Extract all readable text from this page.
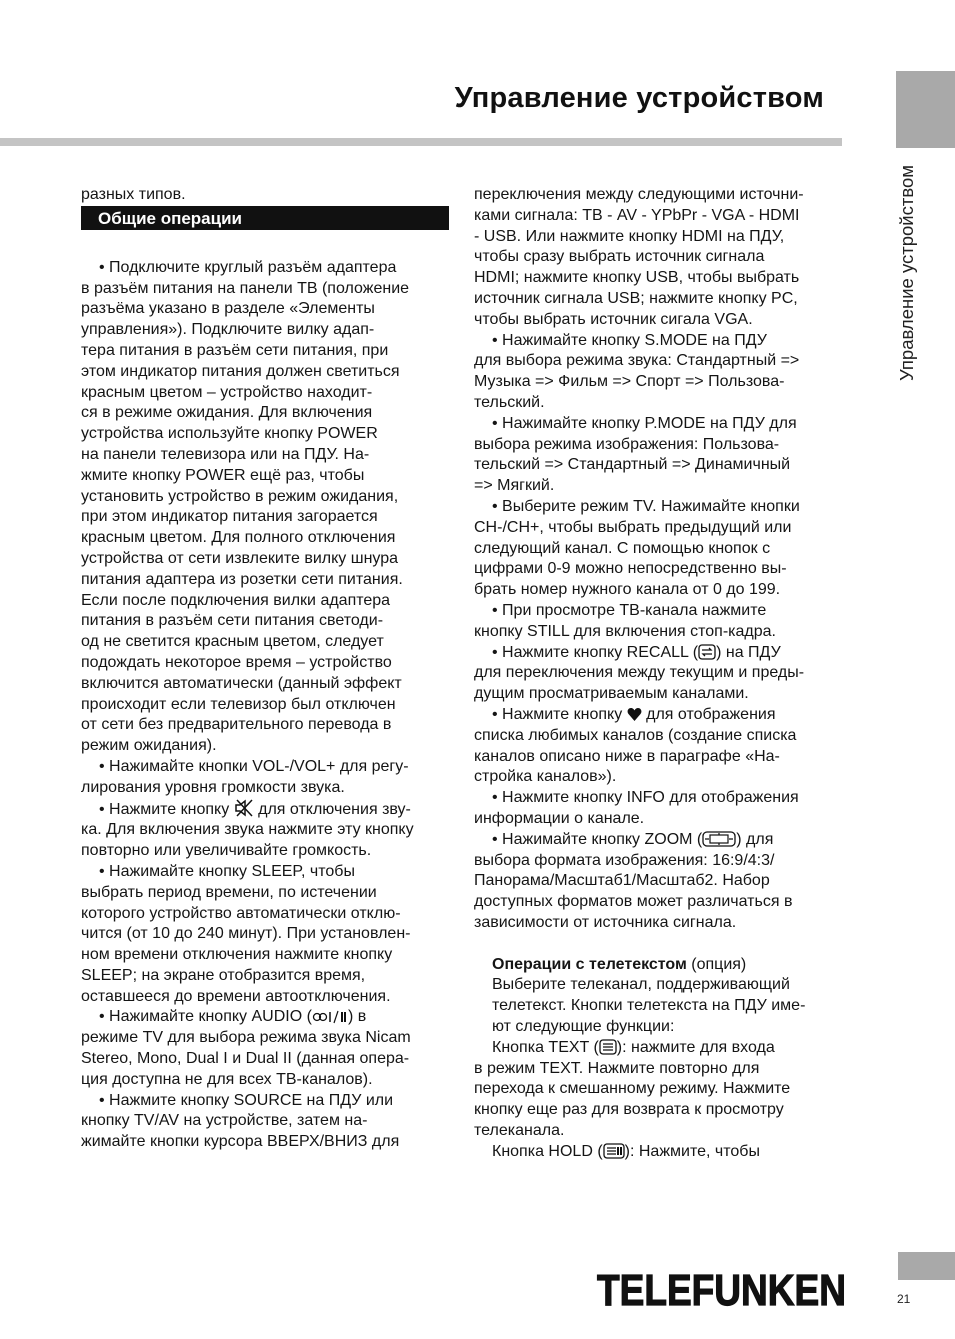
Управление устройством
Управление устройством

разных типов.

Общие операции

• Подключите круглый разъём адаптера

в разъём питания на панели ТВ (положение

разъёма указано в разделе «Элементы

управления»). Подключите вилку адап-

тера питания в разъём сети питания, при

этом индикатор питания должен светиться

красным цветом – устройство находит-

ся в режиме ожидания. Для включения

устройства используйте кнопку POWER

на панели телевизора или на ПДУ. На-

жмите кнопку POWER ещё раз, чтобы

установить устройство в режим ожидания,

при этом индикатор питания загорается

красным цветом. Для полного отключения

устройства от сети извлеките вилку шнура

питания адаптера из розетки сети питания.

Если после подключения вилки адаптера

питания в разъём сети питания светоди-

од не светится красным цветом, следует

подождать некоторое время – устройство

включится автоматически (данный эффект

происходит если телевизор был отключен

от сети без предварительного перевода в

режим ожидания).

• Нажимайте кнопки VOL-/VOL+ для регу-

лирования уровня громкости звука.

• Нажмите кнопку для отключения зву-

ка. Для включения звука нажмите эту кнопку

повторно или увеличивайте громкость.

• Нажимайте кнопку SLEEP, чтобы

выбрать период времени, по истечении

которого устройство автоматически отклю-

чится (от 10 до 240 минут). При установлен-

ном времени отключения нажмите кнопку

SLEEP; на экране отобразится время,

оставшееся до времени автоотключения.

• Нажимайте кнопку AUDIO ( ) в

режиме TV для выбора режима звука Nicam

Stereo, Mono, Dual I и Dual II (данная опера-

ция доступна не для всех ТВ-каналов).

• Нажмите кнопку SOURCE на ПДУ или

кнопку TV/AV на устройстве, затем на-

жимайте кнопки курсора ВВЕРХ/ВНИЗ для

переключения между следующими источни-

ками сигнала: ТВ - AV - YPbPr - VGA - HDMI

- USB. Или нажмите кнопку HDMI на ПДУ,

чтобы сразу выбрать источник сигнала

HDMI; нажмите кнопку USB, чтобы выбрать

источник сигнала USB; нажмите кнопку PC,

чтобы выбрать источник сигала VGA.

• Нажимайте кнопку S.MODE на ПДУ

для выбора режима звука: Стандартный =>

Музыка => Фильм => Спорт => Пользова-

тельский.

• Нажимайте кнопку P.MODE на ПДУ для

выбора режима изображения: Пользова-

тельский => Стандартный => Динамичный

=> Мягкий.

• Выберите режим TV. Нажимайте кнопки

CH-/CH+, чтобы выбрать предыдущий или

следующий канал. С помощью кнопок с

цифрами 0-9 можно непосредственно вы-

брать номер нужного канала от 0 до 199.

• При просмотре ТВ-канала нажмите

кнопку STILL для включения стоп-кадра.

• Нажмите кнопку RECALL ( ) на ПДУ

для переключения между текущим и преды-

дущим просматриваемым каналами.

• Нажмите кнопку для отображения

списка любимых каналов (создание списка

каналов описано ниже в параграфе «На-

стройка каналов»).

• Нажмите кнопку INFO для отображения

информации о канале.

• Нажимайте кнопку ZOOM ( ) для

выбора формата изображения: 16:9/4:3/

Панорама/Масштаб1/Масштаб2. Набор

доступных форматов может различаться в

зависимости от источника сигнала.

Операции с телетекстом (опция)

Выберите телеканал, поддерживающий

телетекст. Кнопки телетекста на ПДУ име-

ют следующие функции:

Кнопка TEXT ( ): нажмите для входа

в режим TEXT. Нажмите повторно для

перехода к смешанному режиму. Нажмите

кнопку еще раз для возврата к просмотру

телеканала.

Кнопка HOLD ( ): Нажмите, чтобы

TELEFUNKEN	21
